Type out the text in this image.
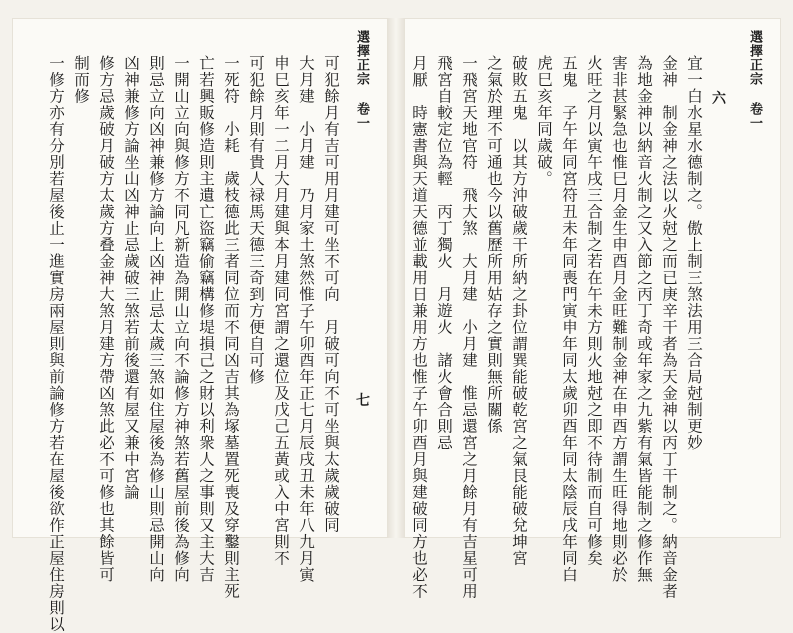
選擇正宗 卷一	選擇正宗 卷一
七
六
宜一白水星水德制之。傲上制三煞法用三合局尅制更妙
金神　制金神之法以火尅之而已庚辛干者為天金神以丙丁干制之。納音金者
為地金神以納音火制之又入節之丙丁奇或年家之九紫有氣皆能制之修作無
害非甚緊急也惟巳月金生申酉月金旺難制金神在申酉方謂生旺得地則必於
火旺之月以寅午戌三合制之若在午未方則火地尅之即不待制而自可修矣
五鬼　子午年同宮符丑未年同喪門寅申年同太歲卯酉年同太陰辰戌年同白
虎巳亥年同歲破。
破敗五鬼　以其方沖破歲干所納之卦位謂巽能破乾宮之氣艮能破兌坤宮
之氣於理不可通也今以舊歷所用姑存之實則無所關係
一飛宮天地官符　飛大煞　大月建　小月建　惟忌還宮之月餘月有吉星可用
飛宮自較定位為輕　丙丁獨火　月遊火　諸火會合則忌
月厭　時憲書與天道天德並載用日兼用方也惟子午卯酉月與建破同方也必不
可犯餘月有吉可用月建可坐不可向　月破可向不可坐與太歲歲破同
大月建　小月建　乃月家土煞然惟子午卯酉年正七月辰戌丑未年八九月寅
申巳亥年一二月大月建與本月建同宮謂之還位及戊己五黃或入中宮則不
可犯餘月則有貴人禄馬天德三奇到方便自可修
一死符　小耗　歲枝德此三者同位而不同凶吉其為塚墓置死喪及穿鑿則主死
亡若興販修造則主遺亡盜竊偷竊構修堤損己之財以利衆人之事則又主大吉
一開山立向與修方不同凡新造為開山立向不論修方神煞若舊屋前後為修向
則忌立向凶神兼修方論向上凶神止忌太歲三煞如住屋後為修山則忌開山向
凶神兼修方論坐山凶神止忌歲破三煞若前後還有屋又兼中宮論
修方忌歲破月破方太歲方叠金神大煞月建方帶凶煞此必不可修也其餘皆可
制而修
一修方亦有分別若屋後止一進實房兩屋則與前論修方若在屋後欲作正屋住房則以
